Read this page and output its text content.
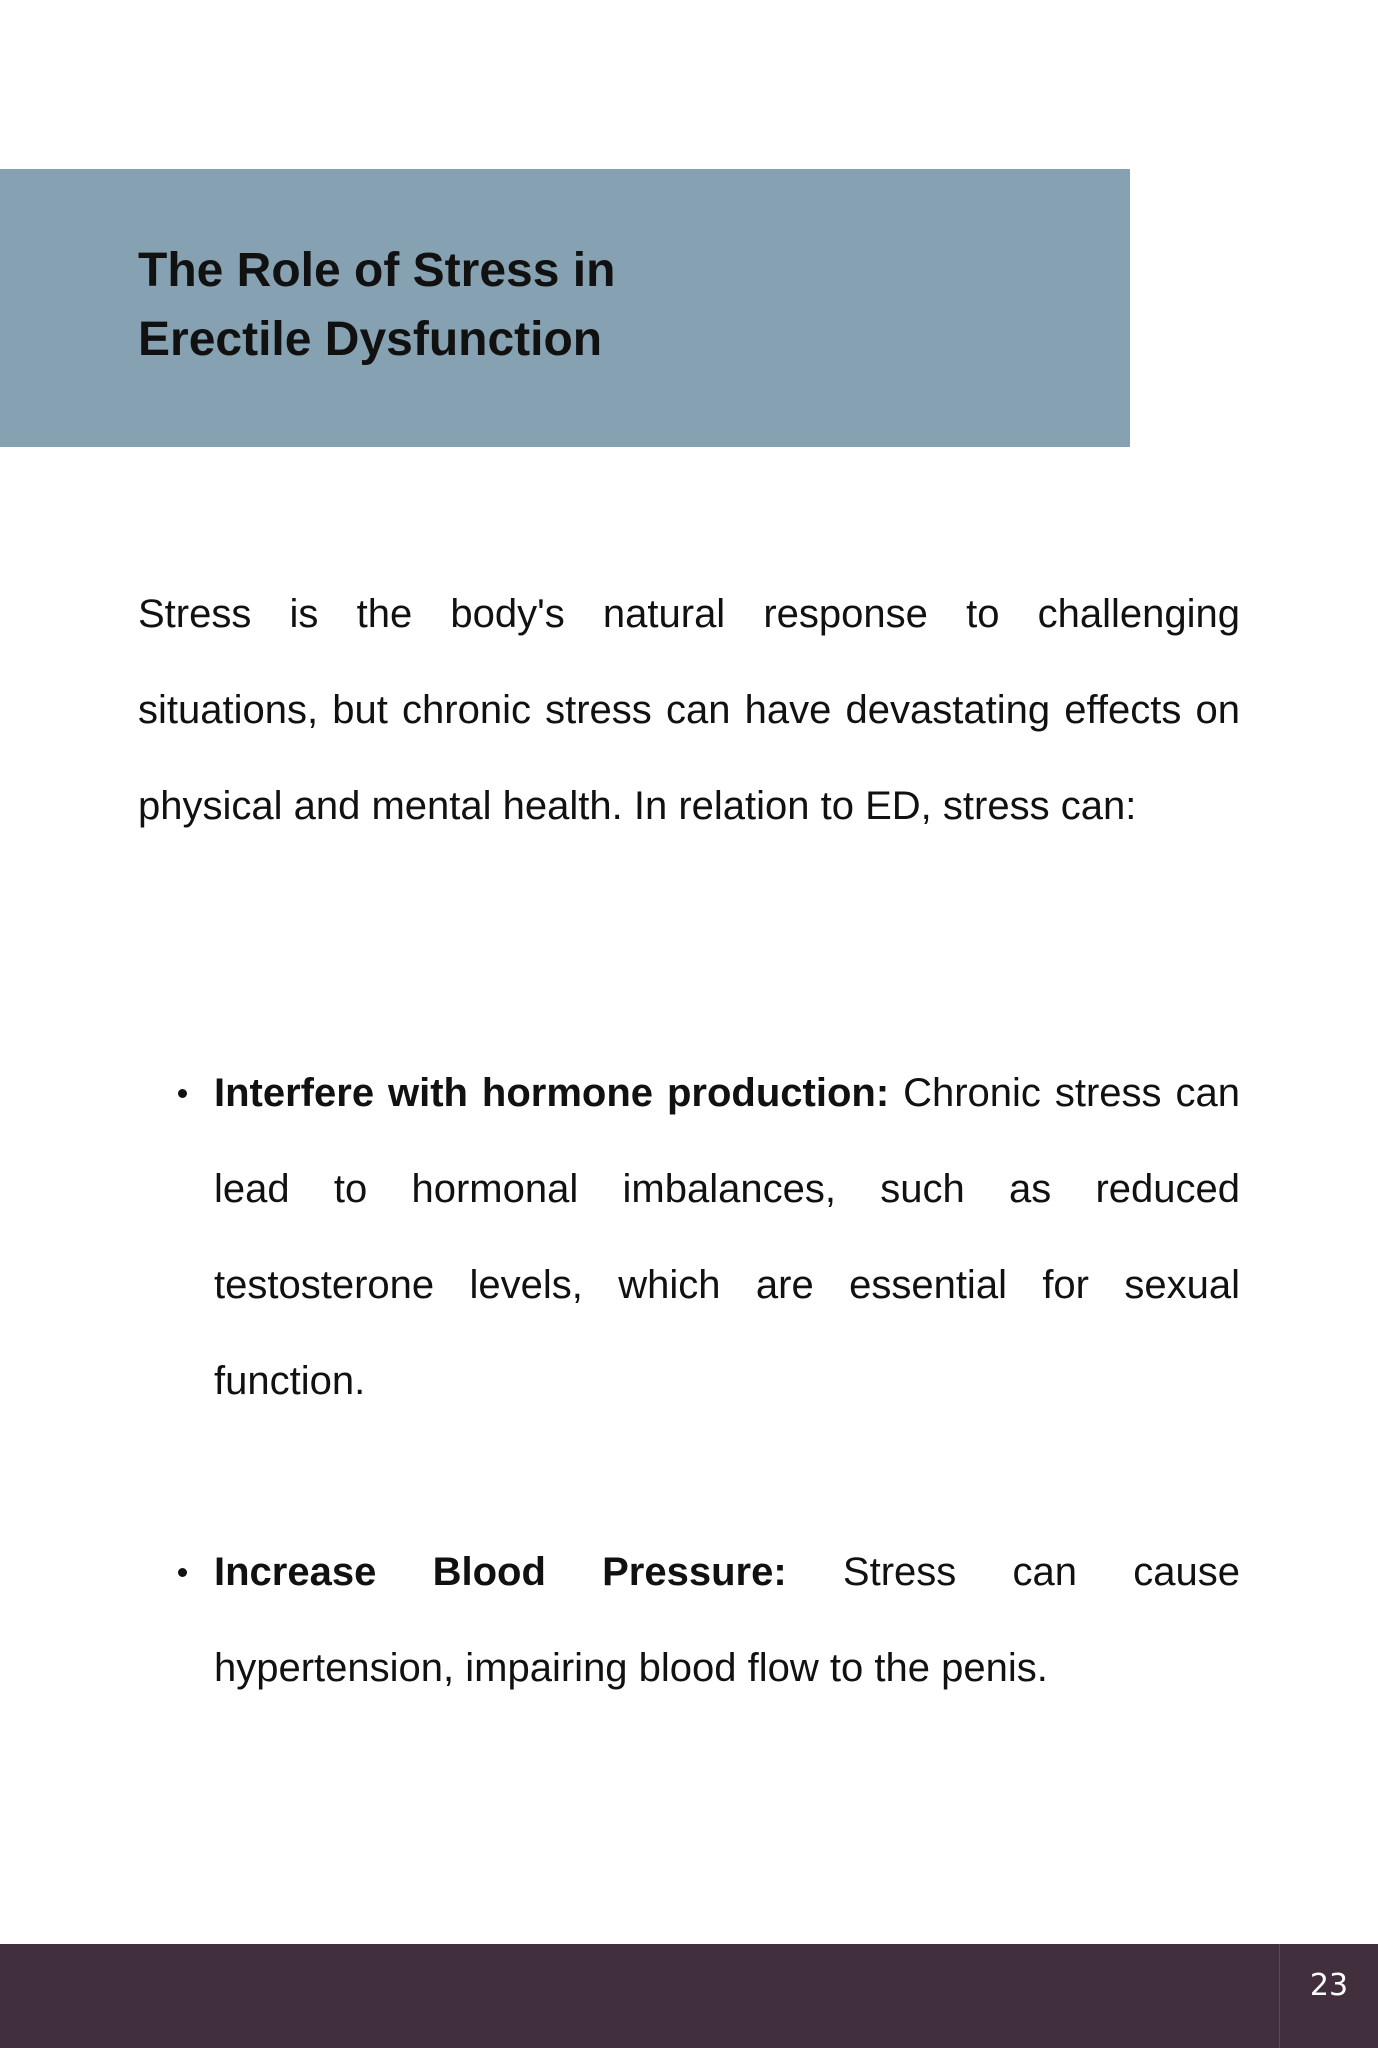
The Role of Stress in
Erectile Dysfunction

Stress is the body's natural response to challenging situations, but chronic stress can have devastating effects on physical and mental health. In relation to ED, stress can:

Interfere with hormone production: Chronic stress can lead to hormonal imbalances, such as reduced testosterone levels, which are essential for sexual function.
Increase Blood Pressure: Stress can cause hypertension, impairing blood flow to the penis.
23
